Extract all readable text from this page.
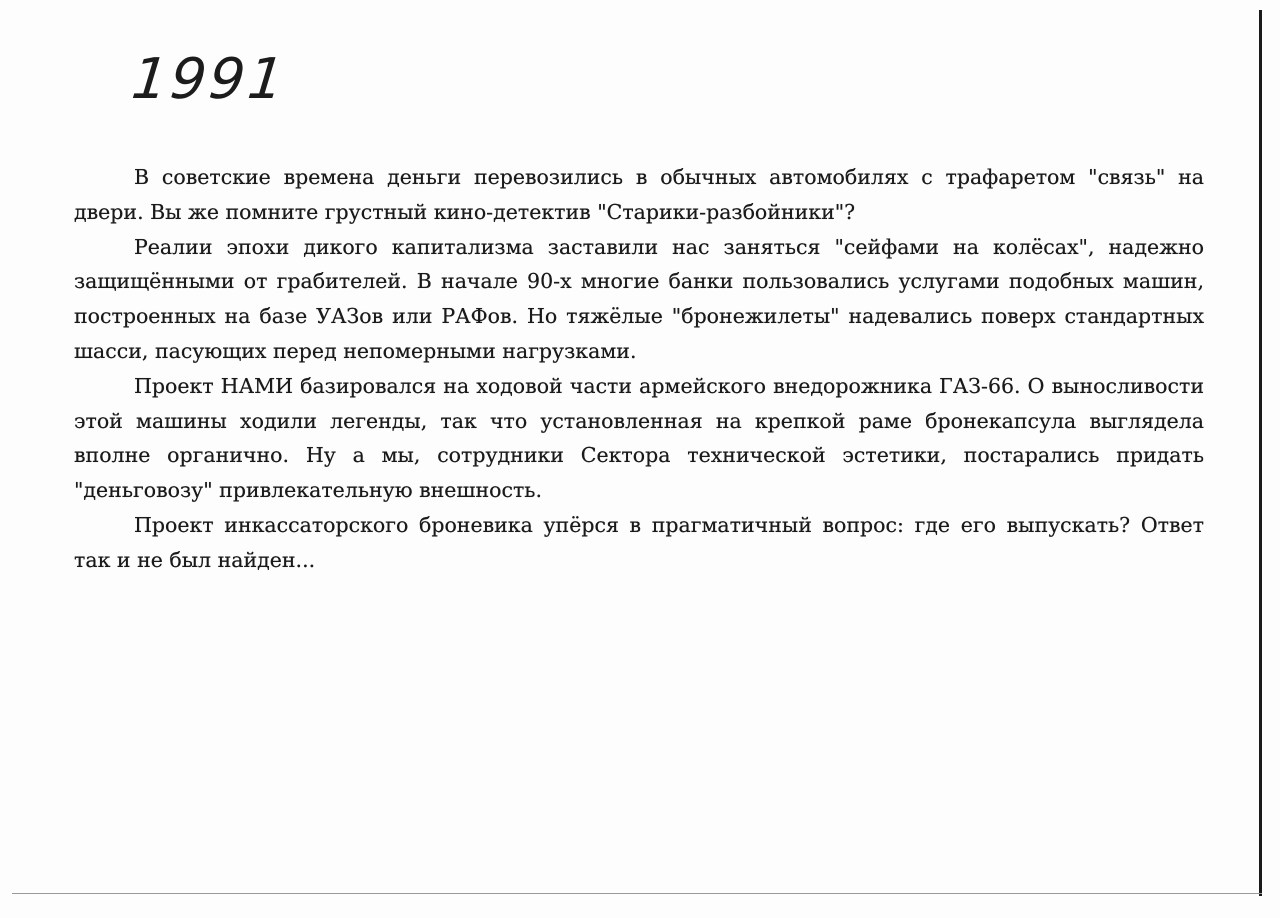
1991

В советские времена деньги перевозились в обычных автомобилях с трафаретом "связь" на двери. Вы же помните грустный кино-детектив "Старики-разбойники"?

Реалии эпохи дикого капитализма заставили нас заняться "сейфами на колёсах", надежно защищёнными от грабителей. В начале 90-х многие банки пользовались услугами подобных машин, построенных на базе УАЗов или РАФов. Но тяжёлые "бронежилеты" надевались поверх стандартных шасси, пасующих перед непомерными нагрузками.

Проект НАМИ базировался на ходовой части армейского внедорожника ГАЗ-66. О выносливости этой машины ходили легенды, так что установленная на крепкой раме бронекапсула выглядела вполне органично. Ну а мы, сотрудники Сектора технической эстетики, постарались придать "деньговозу" привлекательную внешность.

Проект инкассаторского броневика упёрся в прагматичный вопрос: где его выпускать? Ответ так и не был найден...
